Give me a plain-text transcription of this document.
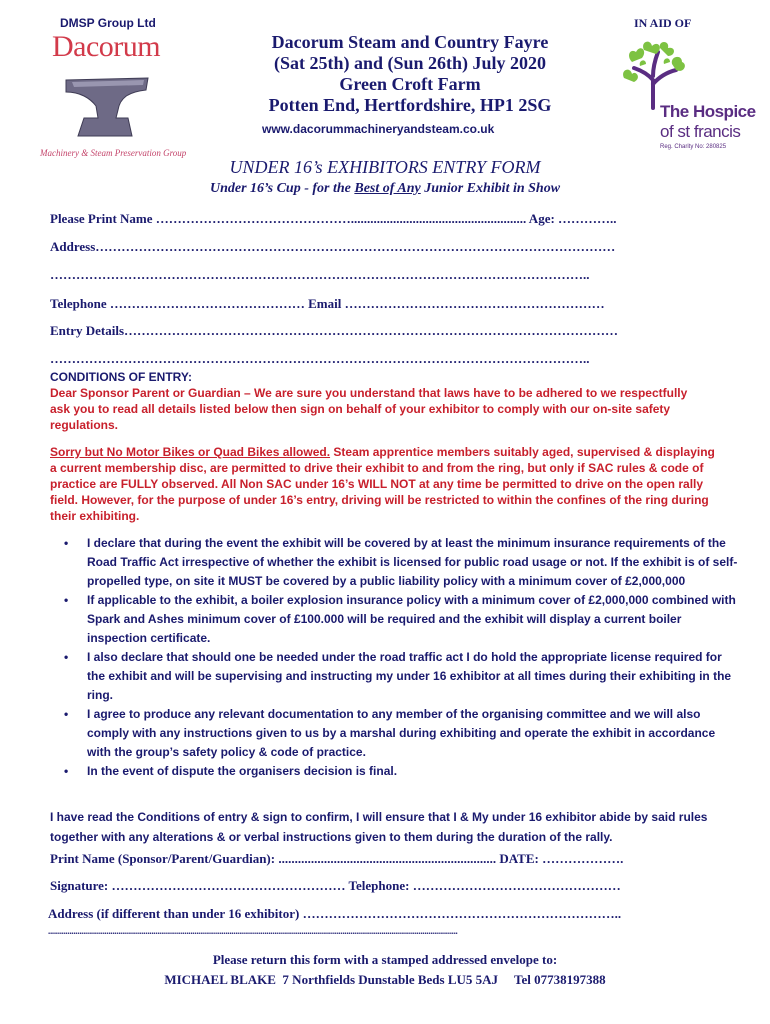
DMSP Group Ltd	IN AID OF
Dacorum
Machinery & Steam Preservation Group
Dacorum Steam and Country Fayre
(Sat 25th) and (Sun 26th) July 2020
Green Croft Farm
Potten End, Hertfordshire, HP1 2SG
www.dacorummachineryandsteam.co.uk
The Hospice
of st francis
Reg. Charity No: 280825
UNDER 16’s EXHIBITORS ENTRY FORM
Under 16’s Cup - for the Best of Any Junior Exhibit in Show
Please Print Name ………………………………………...................................................... Age: …………..
Address…………………………………………………………………………………………………………
……………………………………………………………………………………………………………..
Telephone ……………………………………… Email ……………………………………………………
Entry Details……………………………………………………………………………………………………
……………………………………………………………………………………………………………..
CONDITIONS OF ENTRY:
Dear Sponsor Parent or Guardian – We are sure you understand that laws have to be adhered to we respectfully ask you to read all details listed below then sign on behalf of your exhibitor to comply with our on-site safety regulations.
Sorry but No Motor Bikes or Quad Bikes allowed. Steam apprentice members suitably aged, supervised & displaying a current membership disc, are permitted to drive their exhibit to and from the ring, but only if SAC rules & code of practice are FULLY observed. All Non SAC under 16’s WILL NOT at any time be permitted to drive on the open rally field. However, for the purpose of under 16’s entry, driving will be restricted to within the confines of the ring during their exhibiting.
• I declare that during the event the exhibit will be covered by at least the minimum insurance requirements of the Road Traffic Act irrespective of whether the exhibit is licensed for public road usage or not. If the exhibit is of self-propelled type, on site it MUST be covered by a public liability policy with a minimum cover of £2,000,000
• If applicable to the exhibit, a boiler explosion insurance policy with a minimum cover of £2,000,000 combined with Spark and Ashes minimum cover of £100.000 will be required and the exhibit will display a current boiler inspection certificate.
• I also declare that should one be needed under the road traffic act I do hold the appropriate license required for the exhibit and will be supervising and instructing my under 16 exhibitor at all times during their exhibiting in the ring.
• I agree to produce any relevant documentation to any member of the organising committee and we will also comply with any instructions given to us by a marshal during exhibiting and operate the exhibit in accordance with the group’s safety policy & code of practice.
• In the event of dispute the organisers decision is final.
I have read the Conditions of entry & sign to confirm, I will ensure that I & My under 16 exhibitor abide by said rules together with any alterations & or verbal instructions given to them during the duration of the rally.
Print Name (Sponsor/Parent/Guardian): ................................................................... DATE: ……………….
Signature: ……………………………………………… Telephone: …………………………………………
Address (if different than under 16 exhibitor) ………………………………………………………………..
..................................................................................................................................................................................................................
Please return this form with a stamped addressed envelope to:
MICHAEL BLAKE  7 Northfields Dunstable Beds LU5 5AJ     Tel 07738197388
